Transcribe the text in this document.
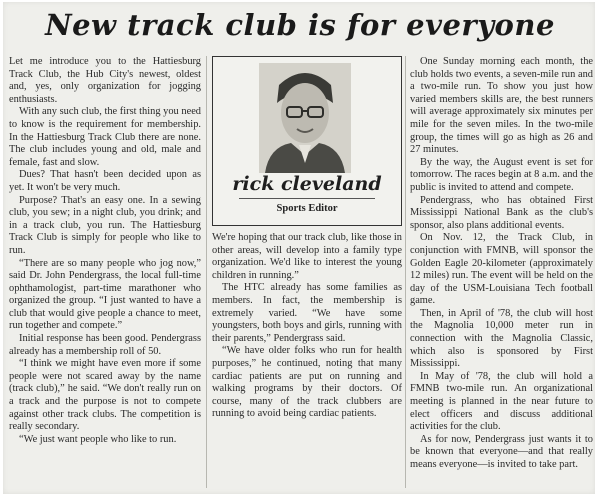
New track club is for everyone

Let me introduce you to the Hattiesburg Track Club, the Hub City's newest, oldest and, yes, only organization for jogging enthusiasts.

With any such club, the first thing you need to know is the requirement for membership. In the Hattiesburg Track Club there are none. The club includes young and old, male and female, fast and slow.

Dues? That hasn't been decided upon as yet. It won't be very much.

Purpose? That's an easy one. In a sewing club, you sew; in a night club, you drink; and in a track club, you run. The Hattiesburg Track Club is simply for people who like to run.

“There are so many people who jog now,” said Dr. John Pendergrass, the local full-time ophthamologist, part-time marathoner who organized the group. “I just wanted to have a club that would give people a chance to meet, run together and compete.”

Initial response has been good. Pendergrass already has a membership roll of 50.

“I think we might have even more if some people were not scared away by the name (track club),” he said. “We don't really run on a track and the purpose is not to compete against other track clubs. The competition is really secondary.

“We just want people who like to run.

rick cleveland
Sports Editor

We're hoping that our track club, like those in other areas, will develop into a family type organization. We'd like to interest the young children in running.”

The HTC already has some families as members. In fact, the membership is extremely varied. “We have some youngsters, both boys and girls, running with their parents,” Pendergrass said.

“We have older folks who run for health purposes,” he continued, noting that many cardiac patients are put on running and walking programs by their doctors. Of course, many of the track clubbers are running to avoid being cardiac patients.

One Sunday morning each month, the club holds two events, a seven-mile run and a two-mile run. To show you just how varied members skills are, the best runners will average approximately six minutes per mile for the seven miles. In the two-mile group, the times will go as high as 26 and 27 minutes.

By the way, the August event is set for tomorrow. The races begin at 8 a.m. and the public is invited to attend and compete.

Pendergrass, who has obtained First Mississippi National Bank as the club's sponsor, also plans additional events.

On Nov. 12, the Track Club, in conjunction with FMNB, will sponsor the Golden Eagle 20-kilometer (approximately 12 miles) run. The event will be held on the day of the USM-Louisiana Tech football game.

Then, in April of '78, the club will host the Magnolia 10,000 meter run in connection with the Magnolia Classic, which also is sponsored by First Mississippi.

In May of '78, the club will hold a FMNB two-mile run. An organizational meeting is planned in the near future to elect officers and discuss additional activities for the club.

As for now, Pendergrass just wants it to be known that everyone—and that really means everyone—is invited to take part.
